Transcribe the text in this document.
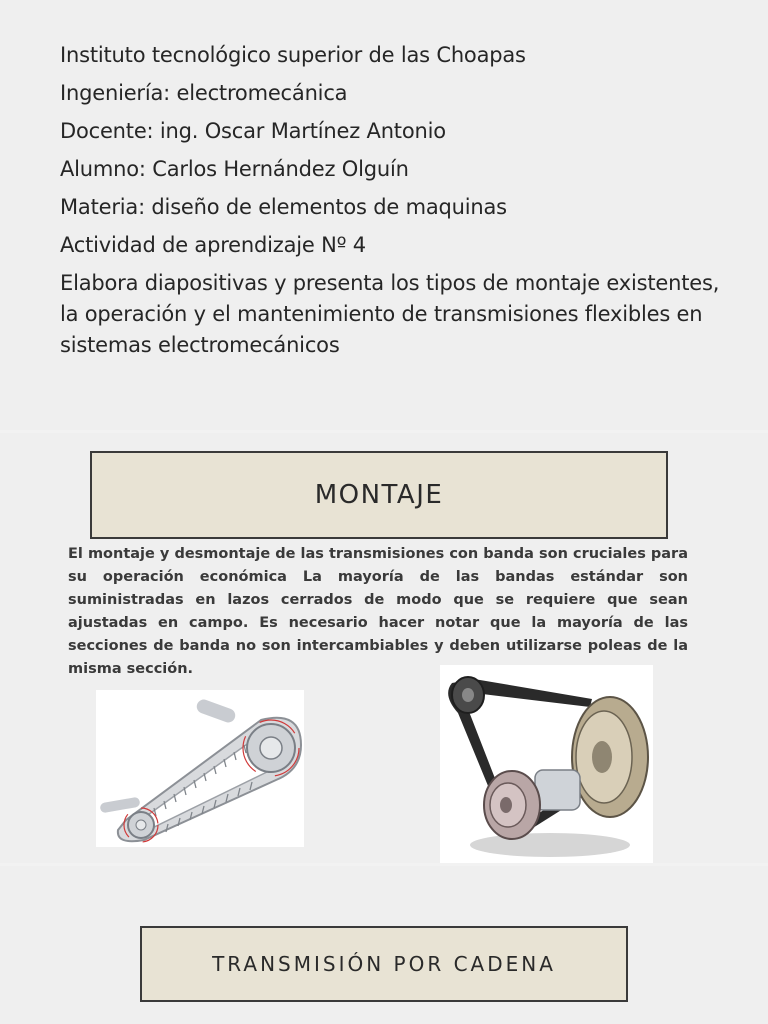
Instituto tecnológico superior de las Choapas

Ingeniería: electromecánica

Docente: ing. Oscar Martínez Antonio

Alumno: Carlos Hernández Olguín

Materia: diseño de elementos de maquinas

Actividad de aprendizaje Nº 4

Elabora diapositivas y presenta los tipos de montaje existentes, la operación y el mantenimiento de transmisiones flexibles en sistemas electromecánicos

MONTAJE

El montaje y desmontaje de las transmisiones con banda son cruciales para su operación económica La mayoría de las bandas estándar son suministradas en lazos cerrados de modo que se requiere que sean ajustadas en campo. Es necesario hacer notar que la mayoría de las secciones de banda no son intercambiables y deben utilizarse poleas de la misma sección.

TRANSMISIÓN POR CADENA
